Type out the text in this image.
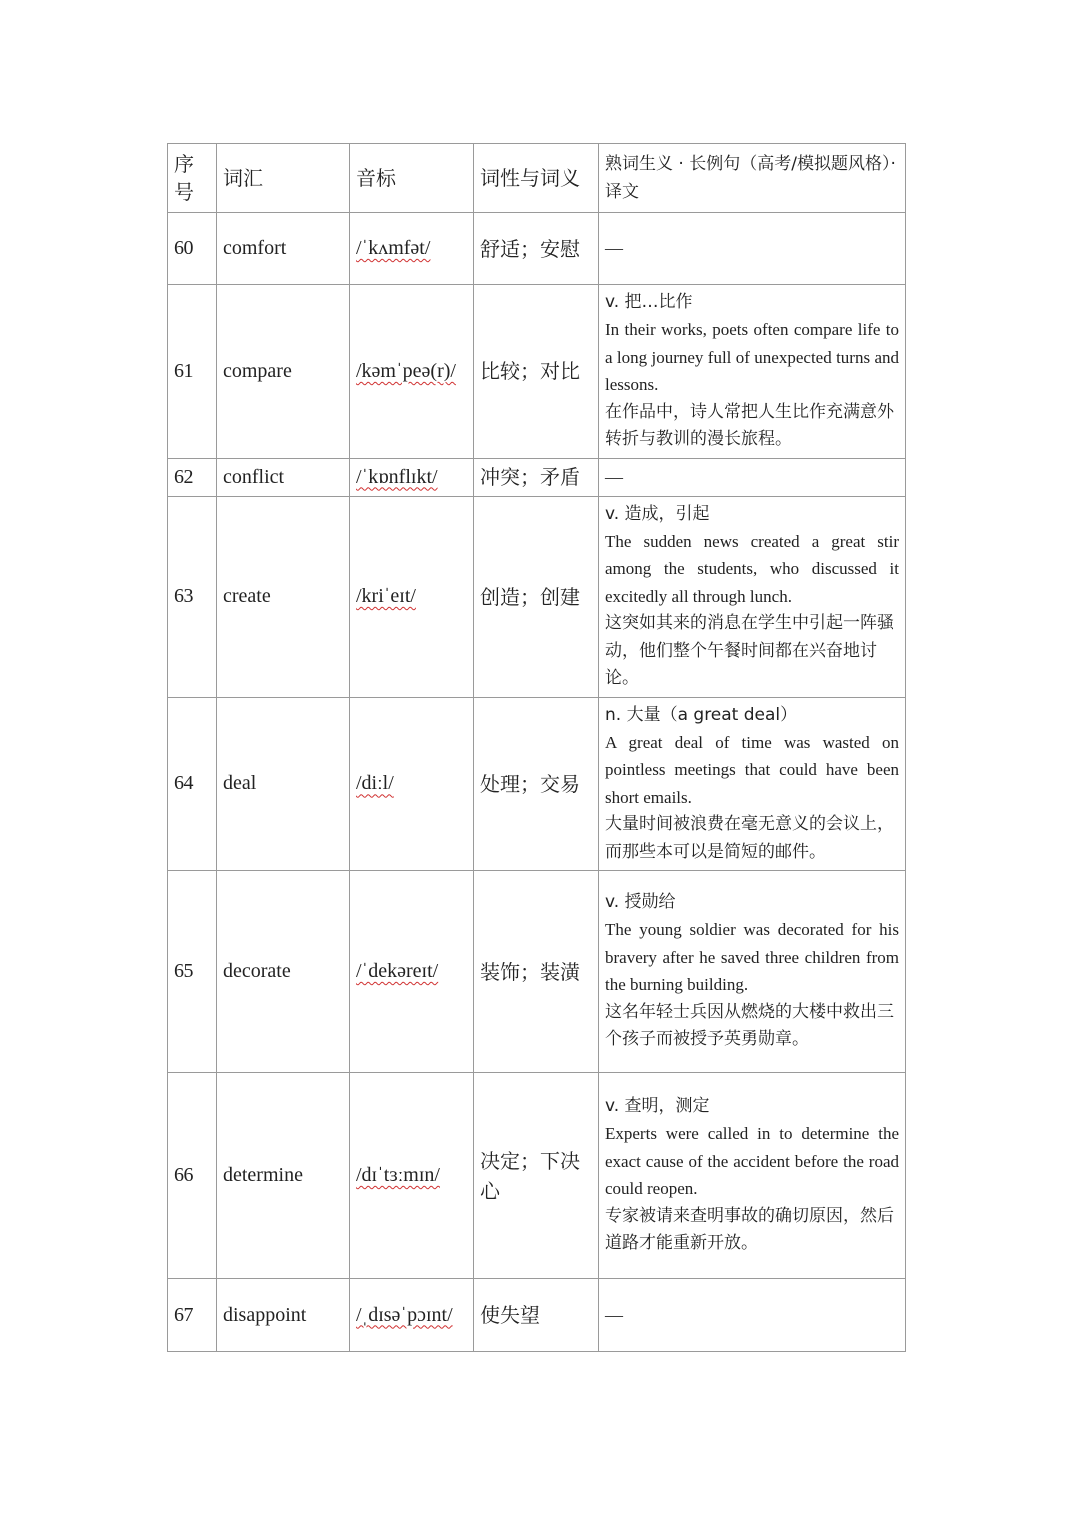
序号	词汇	音标	词性与词义	熟词生义 · 长例句（高考/模拟题风格）· 译文
60	comfort	/ˈkʌmfət/	舒适；安慰	—
61	compare	/kəmˈpeə(r)/	比较；对比	v. 把…比作
In their works, poets often compare life to a long journey full of unexpected turns and lessons.
在作品中，诗人常把人生比作充满意外转折与教训的漫长旅程。

62	conflict	/ˈkɒnflɪkt/	冲突；矛盾	—
63	create	/kriˈeɪt/	创造；创建	v. 造成，引起
The sudden news created a great stir among the students, who discussed it excitedly all through lunch.
这突如其来的消息在学生中引起一阵骚动，他们整个午餐时间都在兴奋地讨论。

64	deal	/diːl/	处理；交易	n. 大量（a great deal）
A great deal of time was wasted on pointless meetings that could have been short emails.
大量时间被浪费在毫无意义的会议上，而那些本可以是简短的邮件。

65	decorate	/ˈdekəreɪt/	装饰；装潢	v. 授勋给
The young soldier was decorated for his bravery after he saved three children from the burning building.
这名年轻士兵因从燃烧的大楼中救出三个孩子而被授予英勇勋章。

66	determine	/dɪˈtɜːmɪn/	决定；下决心	v. 查明，测定
Experts were called in to determine the exact cause of the accident before the road could reopen.
专家被请来查明事故的确切原因，然后道路才能重新开放。

67	disappoint	/ˌdɪsəˈpɔɪnt/	使失望	—
